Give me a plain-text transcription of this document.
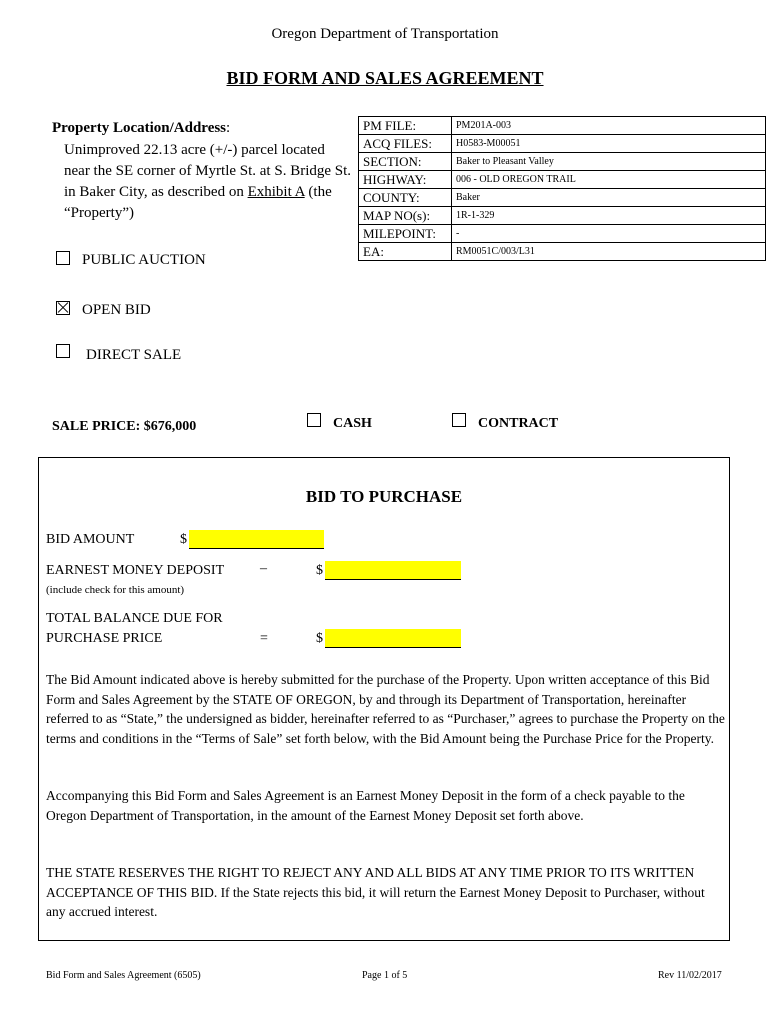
Oregon Department of Transportation
BID FORM AND SALES AGREEMENT
Property Location/Address:
Unimproved 22.13 acre (+/-) parcel located near the SE corner of Myrtle St. at S. Bridge St. in Baker City, as described on Exhibit A (the “Property”)
PM FILE:	PM201A-003
ACQ FILES:	H0583-M00051
SECTION:	Baker to Pleasant Valley
HIGHWAY:	006 - OLD OREGON TRAIL
COUNTY:	Baker
MAP NO(s):	1R-1-329
MILEPOINT:	-
EA:	RM0051C/003/L31
PUBLIC AUCTION
OPEN BID
DIRECT SALE
SALE PRICE: $676,000	CASH	CONTRACT
BID TO PURCHASE
BID AMOUNT	$
EARNEST MONEY DEPOSIT	–	$
(include check for this amount)
TOTAL BALANCE DUE FOR
PURCHASE PRICE	=	$
The Bid Amount indicated above is hereby submitted for the purchase of the Property. Upon written acceptance of this Bid Form and Sales Agreement by the STATE OF OREGON, by and through its Department of Transportation, hereinafter referred to as “State,” the undersigned as bidder, hereinafter referred to as “Purchaser,” agrees to purchase the Property on the terms and conditions in the “Terms of Sale” set forth below, with the Bid Amount being the Purchase Price for the Property.
Accompanying this Bid Form and Sales Agreement is an Earnest Money Deposit in the form of a check payable to the Oregon Department of Transportation, in the amount of the Earnest Money Deposit set forth above.
THE STATE RESERVES THE RIGHT TO REJECT ANY AND ALL BIDS AT ANY TIME PRIOR TO ITS WRITTEN ACCEPTANCE OF THIS BID. If the State rejects this bid, it will return the Earnest Money Deposit to Purchaser, without any accrued interest.
Bid Form and Sales Agreement (6505)	Page 1 of 5	Rev 11/02/2017
